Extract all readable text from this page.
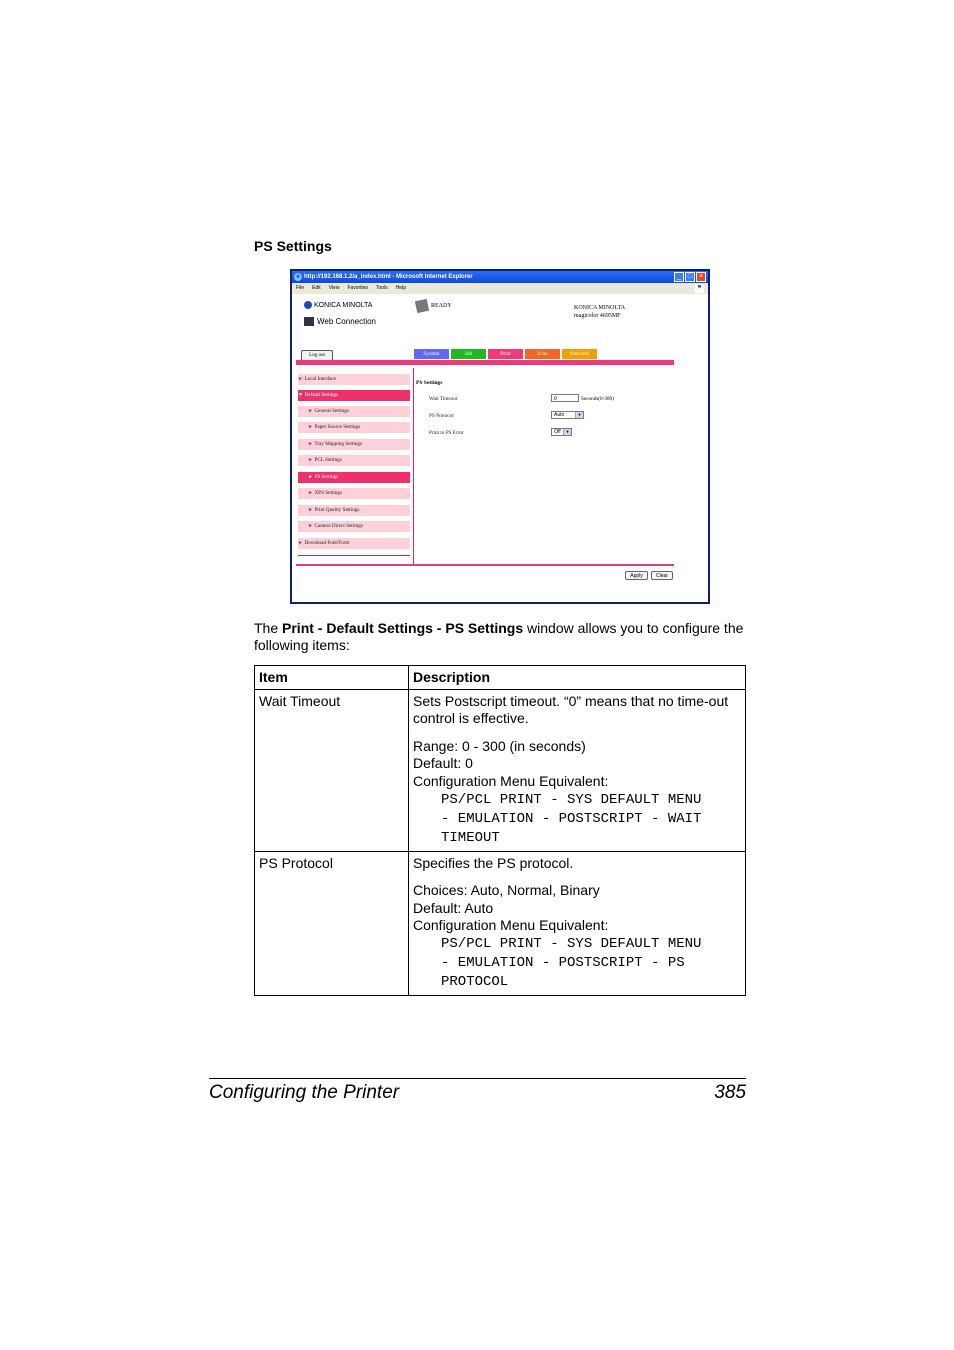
PS Settings
e http://192.168.1.2/a_index.html - Microsoft Internet Explorer	_ □ ×
File Edit View Favorites Tools Help	⚑
KONICA MINOLTA
Web Connection
READY	KONICA MINOLTA
magicolor 4695MF
Log out	System	Job	Print	Scan	Network
► Local Interface
▼ Default Settings
► General Settings
► Paper Source Settings
► Tray Mapping Settings
► PCL Settings
► PS Settings
► XPS Settings
► Print Quality Settings
► Camera Direct Settings
► Download Font/Form
PS Settings
Wait Timeout	0	Seconds(0-300)
PS Protocol	Auto	▼
Print to PS Error	Off	▼
Apply	Clear
The Print - Default Settings - PS Settings window allows you to configure the following items:
Item	Description
Wait Timeout	Sets Postscript timeout. “0” means that no time-out control is effective.
Range: 0 - 300 (in seconds)
Default: 0
Configuration Menu Equivalent:
PS/PCL PRINT - SYS DEFAULT MENU
- EMULATION - POSTSCRIPT - WAIT
TIMEOUT
PS Protocol	Specifies the PS protocol.
Choices: Auto, Normal, Binary
Default: Auto
Configuration Menu Equivalent:
PS/PCL PRINT - SYS DEFAULT MENU
- EMULATION - POSTSCRIPT - PS
PROTOCOL
Configuring the Printer	385
